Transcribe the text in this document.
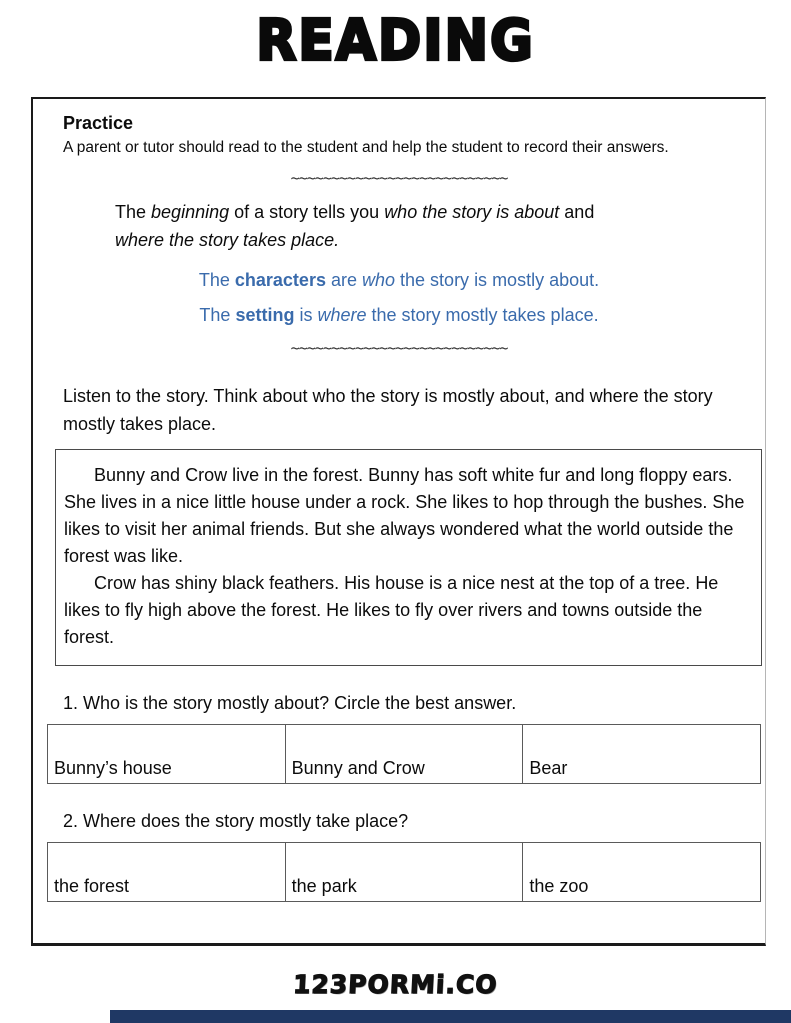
READING
Practice
A parent or tutor should read to the student and help the student to record their answers.
~~~~~~~~~~~~~~~~~~~~~~~~~~~
The beginning of a story tells you who the story is about and
where the story takes place.
The characters are who the story is mostly about.
The setting is where the story mostly takes place.
~~~~~~~~~~~~~~~~~~~~~~~~~~~
Listen to the story. Think about who the story is mostly about, and where the story mostly takes place.

Bunny and Crow live in the forest. Bunny has soft white fur and long floppy ears. She lives in a nice little house under a rock. She likes to hop through the bushes. She likes to visit her animal friends. But she always wondered what the world outside the forest was like.

Crow has shiny black feathers. His house is a nice nest at the top of a tree. He likes to fly high above the forest. He likes to fly over rivers and towns outside the forest.

1. Who is the story mostly about? Circle the best answer.
Bunny’s house	Bunny and Crow	Bear
2. Where does the story mostly take place?
the forest	the park	the zoo
123PORMi.CO
